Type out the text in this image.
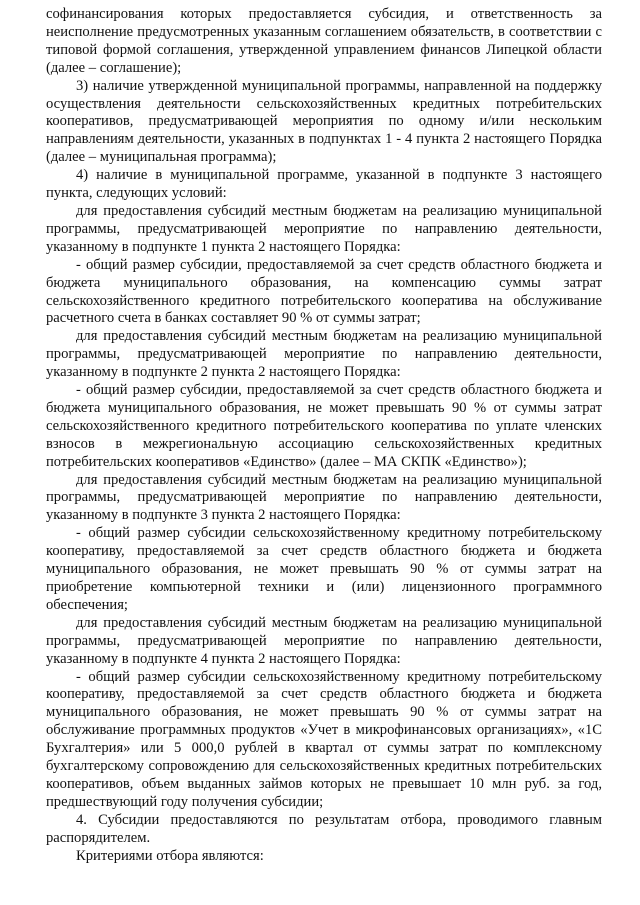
софинансирования которых предоставляется субсидия, и ответственность за неисполнение предусмотренных указанным соглашением обязательств, в соответствии с типовой формой соглашения, утвержденной управлением финансов Липецкой области (далее – соглашение);

3) наличие утвержденной муниципальной программы, направленной на поддержку осуществления деятельности сельскохозяйственных кредитных потребительских кооперативов, предусматривающей мероприятия по одному и/или нескольким направлениям деятельности, указанных в подпунктах 1 - 4 пункта 2 настоящего Порядка (далее – муниципальная программа);

4) наличие в муниципальной программе, указанной в подпункте 3 настоящего пункта, следующих условий:

для предоставления субсидий местным бюджетам на реализацию муниципальной программы, предусматривающей мероприятие по направлению деятельности, указанному в подпункте 1 пункта 2 настоящего Порядка:

- общий размер субсидии, предоставляемой за счет средств областного бюджета и бюджета муниципального образования, на компенсацию суммы затрат сельскохозяйственного кредитного потребительского кооператива на обслуживание расчетного счета в банках составляет 90 % от суммы затрат;

для предоставления субсидий местным бюджетам на реализацию муниципальной программы, предусматривающей мероприятие по направлению деятельности, указанному в подпункте 2 пункта 2 настоящего Порядка:

- общий размер субсидии, предоставляемой за счет средств областного бюджета и бюджета муниципального образования, не может превышать 90 % от суммы затрат сельскохозяйственного кредитного потребительского кооператива по уплате членских взносов в межрегиональную ассоциацию сельскохозяйственных кредитных потребительских кооперативов «Единство» (далее – МА СКПК «Единство»);

для предоставления субсидий местным бюджетам на реализацию муниципальной программы, предусматривающей мероприятие по направлению деятельности, указанному в подпункте 3 пункта 2 настоящего Порядка:

- общий размер субсидии сельскохозяйственному кредитному потребительскому кооперативу, предоставляемой за счет средств областного бюджета и бюджета муниципального образования, не может превышать 90 % от суммы затрат на приобретение компьютерной техники и (или) лицензионного программного обеспечения;

для предоставления субсидий местным бюджетам на реализацию муниципальной программы, предусматривающей мероприятие по направлению деятельности, указанному в подпункте 4 пункта 2 настоящего Порядка:

- общий размер субсидии сельскохозяйственному кредитному потребительскому кооперативу, предоставляемой за счет средств областного бюджета и бюджета муниципального образования, не может превышать 90 % от суммы затрат на обслуживание программных продуктов «Учет в микрофинансовых организациях», «1С Бухгалтерия» или 5 000,0 рублей в квартал от суммы затрат по комплексному бухгалтерскому сопровождению для сельскохозяйственных кредитных потребительских кооперативов, объем выданных займов которых не превышает 10 млн руб. за год, предшествующий году получения субсидии;

4. Субсидии предоставляются по результатам отбора, проводимого главным распорядителем.

Критериями отбора являются:
